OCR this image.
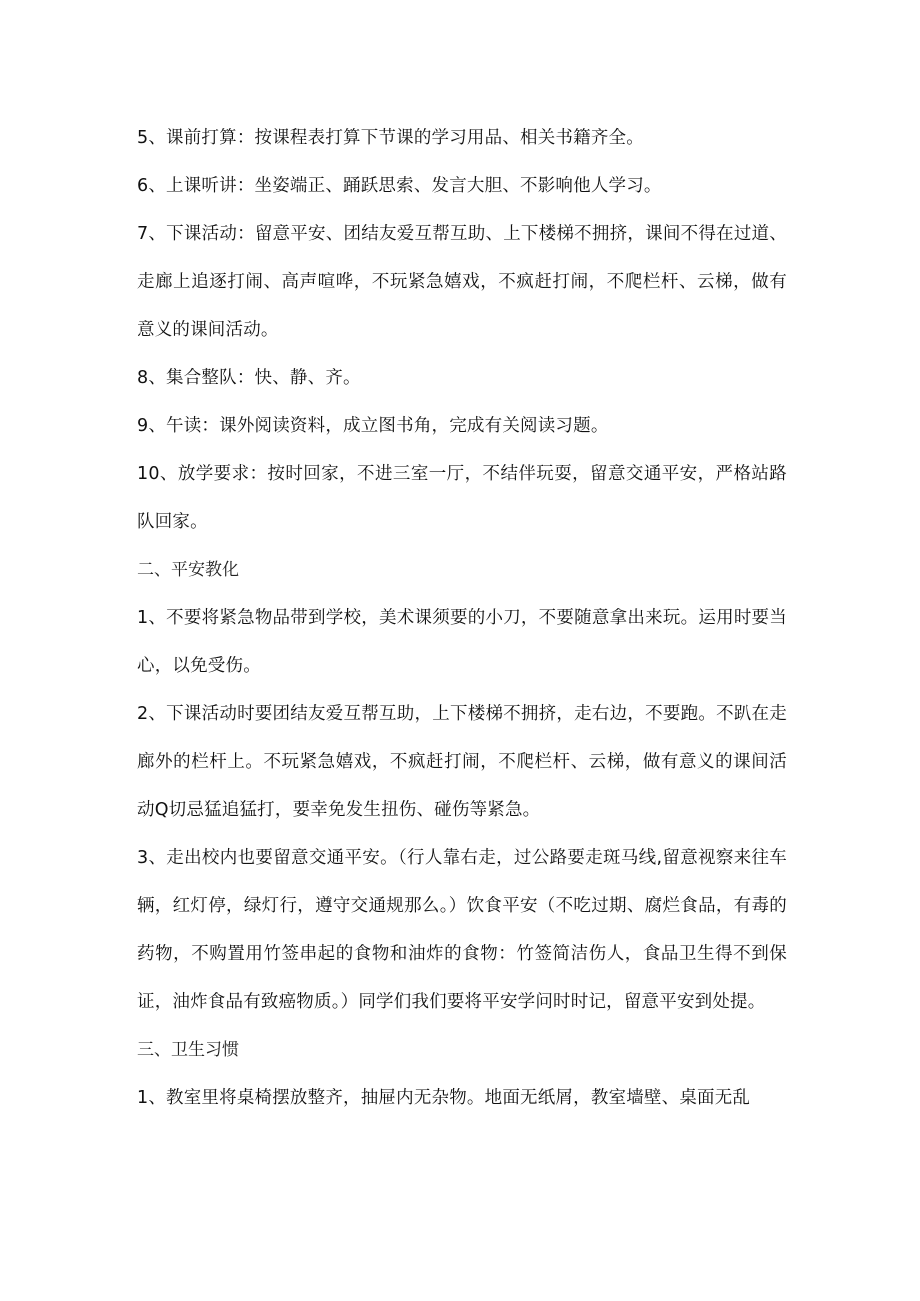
5、课前打算：按课程表打算下节课的学习用品、相关书籍齐全。

6、上课听讲：坐姿端正、踊跃思索、发言大胆、不影响他人学习。

7、下课活动：留意平安、团结友爱互帮互助、上下楼梯不拥挤，课间不得在过道、走廊上追逐打闹、高声喧哗，不玩紧急嬉戏，不疯赶打闹，不爬栏杆、云梯，做有意义的课间活动。

8、集合整队：快、静、齐。

9、午读：课外阅读资料，成立图书角，完成有关阅读习题。

10、放学要求：按时回家，不进三室一厅，不结伴玩耍，留意交通平安，严格站路队回家。

二、平安教化

1、不要将紧急物品带到学校，美术课须要的小刀，不要随意拿出来玩。运用时要当心，以免受伤。

2、下课活动时要团结友爱互帮互助，上下楼梯不拥挤，走右边，不要跑。不趴在走廊外的栏杆上。不玩紧急嬉戏，不疯赶打闹，不爬栏杆、云梯，做有意义的课间活动Q切忌猛追猛打，要幸免发生扭伤、碰伤等紧急。

3、走出校内也要留意交通平安。（行人靠右走，过公路要走斑马线,留意视察来往车辆，红灯停，绿灯行，遵守交通规那么。）饮食平安（不吃过期、腐烂食品，有毒的药物，不购置用竹签串起的食物和油炸的食物：竹签简洁伤人，食品卫生得不到保证，油炸食品有致癌物质。）同学们我们要将平安学问时时记，留意平安到处提。

三、卫生习惯

1、教室里将桌椅摆放整齐，抽屉内无杂物。地面无纸屑，教室墙壁、桌面无乱
